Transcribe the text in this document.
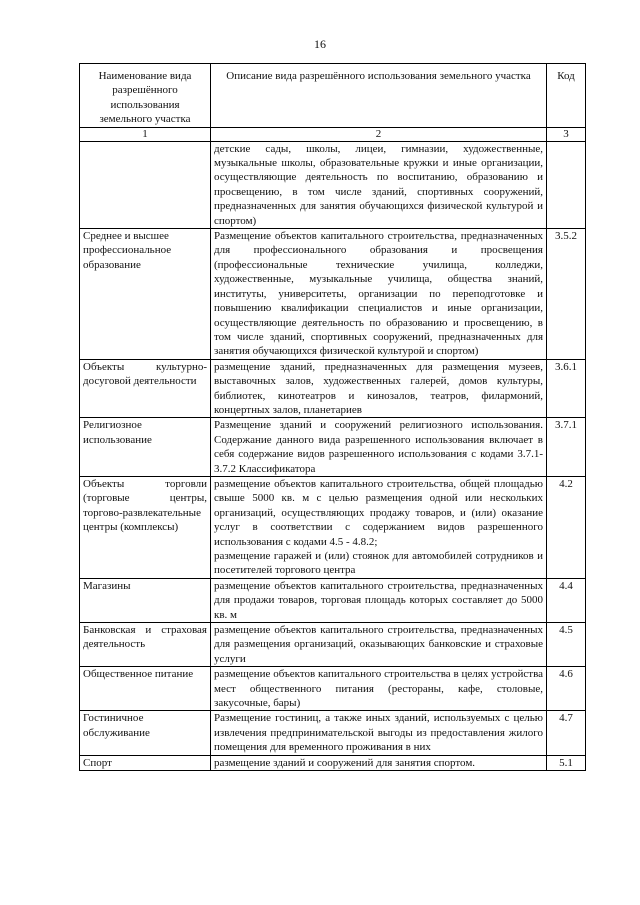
16
Наименование вида разрешённого использования земельного участка	Описание вида разрешённого использования земельного участка	Код
1	2	3

	детские сады, школы, лицеи, гимназии, художественные, музыкальные школы, образовательные кружки и иные организации, осуществляющие деятельность по воспитанию, образованию и просвещению, в том числе зданий, спортивных сооружений, предназначенных для занятия обучающихся физической культурой и спортом)	

Среднее и высшее профессиональное образование	Размещение объектов капитального строительства, предназначенных для профессионального образования и просвещения (профессиональные технические училища, колледжи, художественные, музыкальные училища, общества знаний, институты, университеты, организации по переподготовке и повышению квалификации специалистов и иные организации, осуществляющие деятельность по образованию и просвещению, в том числе зданий, спортивных сооружений, предназначенных для занятия обучающихся физической культурой и спортом)	3.5.2
Объекты культурно-досуговой деятельности	размещение зданий, предназначенных для размещения музеев, выставочных залов, художественных галерей, домов культуры, библиотек, кинотеатров и кинозалов, театров, филармоний, концертных залов, планетариев	3.6.1
Религиозное использование	Размещение зданий и сооружений религиозного использования. Содержание данного вида разрешенного использования включает в себя содержание видов разрешенного использования с кодами 3.7.1-3.7.2 Классификатора	3.7.1
Объекты торговли (торговые центры, торгово-развлекательные центры (комплексы)	размещение объектов капитального строительства, общей площадью свыше 5000 кв. м с целью размещения одной или нескольких организаций, осуществляющих продажу товаров, и (или) оказание услуг в соответствии с содержанием видов разрешенного использования с кодами 4.5 - 4.8.2;
размещение гаражей и (или) стоянок для автомобилей сотрудников и посетителей торгового центра	4.2
Магазины	размещение объектов капитального строительства, предназначенных для продажи товаров, торговая площадь которых составляет до 5000 кв. м	4.4
Банковская и страховая деятельность	размещение объектов капитального строительства, предназначенных для размещения организаций, оказывающих банковские и страховые услуги	4.5
Общественное питание	размещение объектов капитального строительства в целях устройства мест общественного питания (рестораны, кафе, столовые, закусочные, бары)	4.6
Гостиничное обслуживание	Размещение гостиниц, а также иных зданий, используемых с целью извлечения предпринимательской выгоды из предоставления жилого помещения для временного проживания в них	4.7
Спорт	размещение зданий и сооружений для занятия спортом.	5.1
